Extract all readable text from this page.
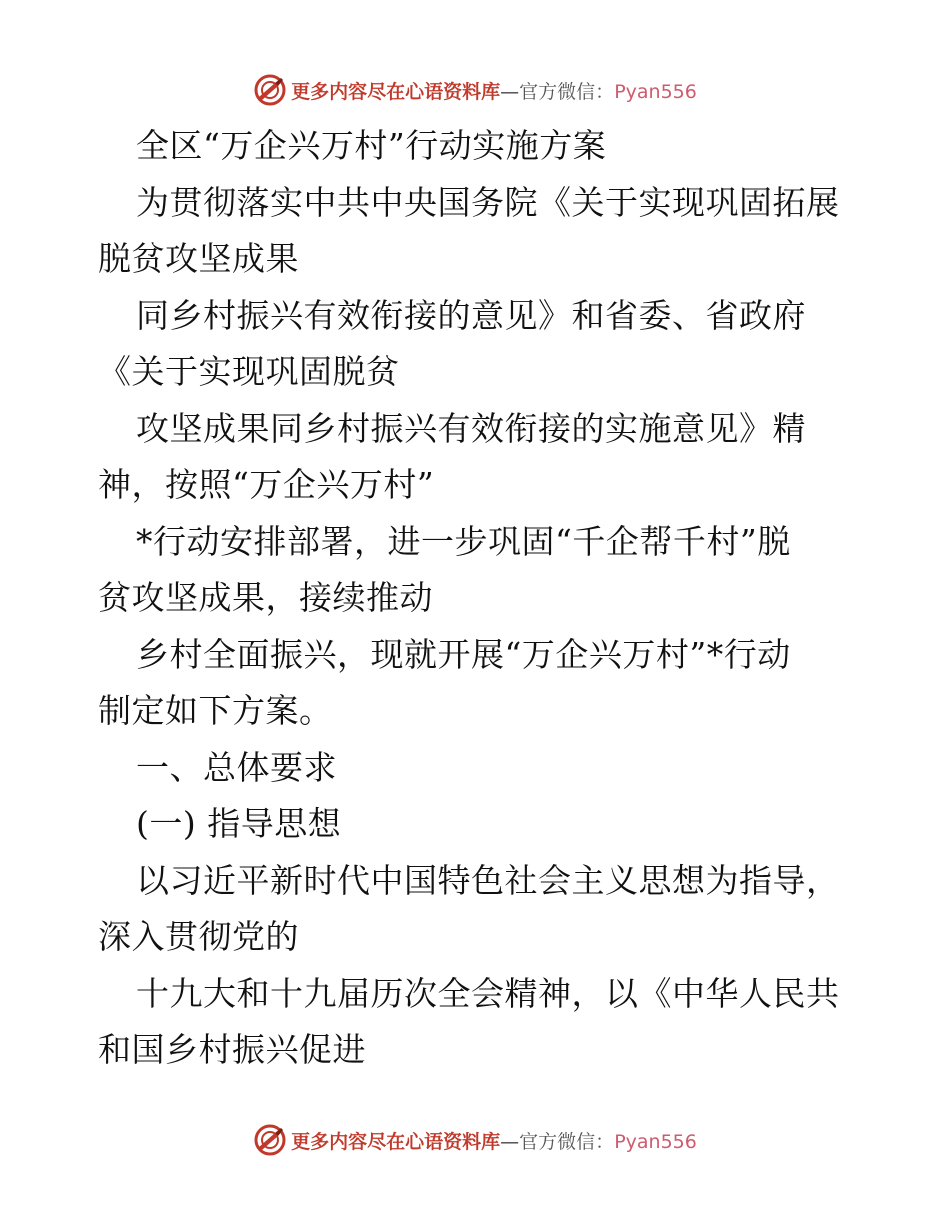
更多内容尽在心语资料库—官方微信：Pyan556
全区“万企兴万村”行动实施方案
为贯彻落实中共中央国务院《关于实现巩固拓展
脱贫攻坚成果
同乡村振兴有效衔接的意见》和省委、省政府
《关于实现巩固脱贫
攻坚成果同乡村振兴有效衔接的实施意见》精
神，按照“万企兴万村”
*行动安排部署，进一步巩固“千企帮千村”脱
贫攻坚成果，接续推动
乡村全面振兴，现就开展“万企兴万村”*行动
制定如下方案。
一、总体要求
(一) 指导思想
以习近平新时代中国特色社会主义思想为指导，
深入贯彻党的
十九大和十九届历次全会精神，以《中华人民共
和国乡村振兴促进
更多内容尽在心语资料库—官方微信：Pyan556
